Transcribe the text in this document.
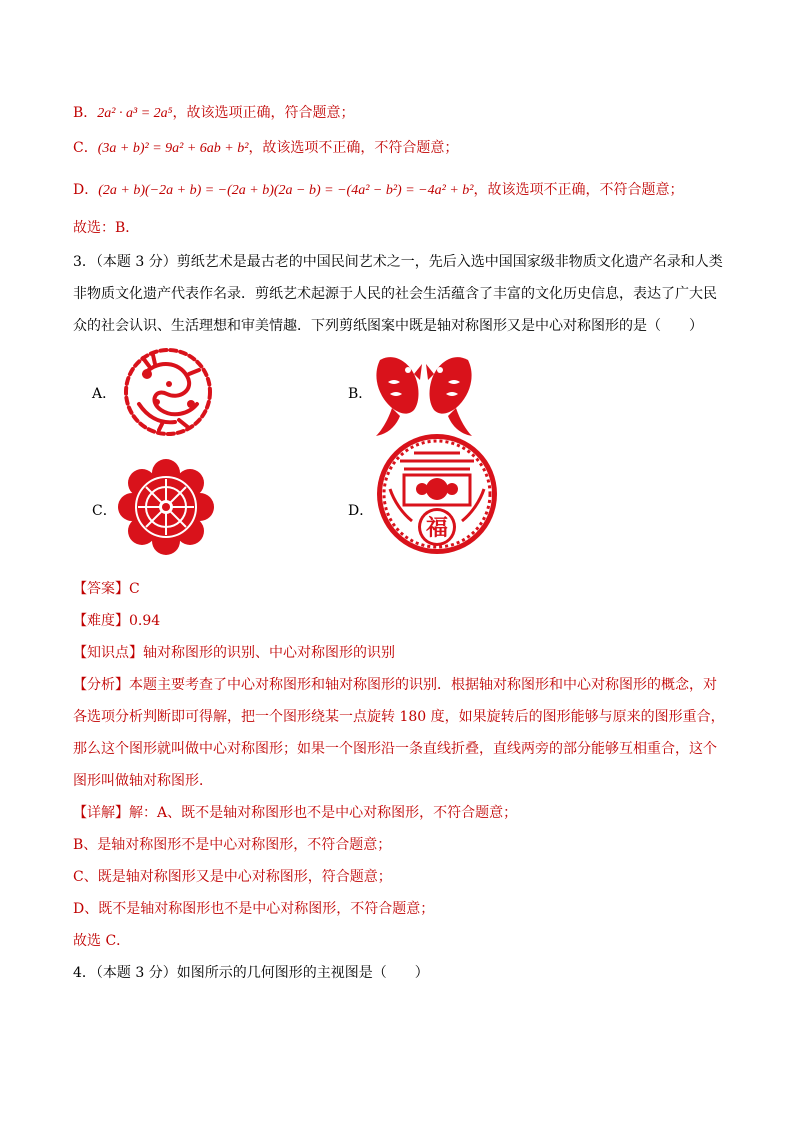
B．2a² · a³ = 2a⁵，故该选项正确，符合题意；
C．(3a + b)² = 9a² + 6ab + b²，故该选项不正确，不符合题意；
D．(2a + b)(−2a + b) = −(2a + b)(2a − b) = −(4a² − b²) = −4a² + b²，故该选项不正确，不符合题意；
故选：B．
3．（本题 3 分）剪纸艺术是最古老的中国民间艺术之一，先后入选中国国家级非物质文化遗产名录和人类
非物质文化遗产代表作名录．剪纸艺术起源于人民的社会生活蕴含了丰富的文化历史信息，表达了广大民
众的社会认识、生活理想和审美情趣．下列剪纸图案中既是轴对称图形又是中心对称图形的是（　　）
A．	B．
C．	D．
福
【答案】C
【难度】0.94
【知识点】轴对称图形的识别、中心对称图形的识别
【分析】本题主要考查了中心对称图形和轴对称图形的识别．根据轴对称图形和中心对称图形的概念，对
各选项分析判断即可得解，把一个图形绕某一点旋转 180 度，如果旋转后的图形能够与原来的图形重合，
那么这个图形就叫做中心对称图形；如果一个图形沿一条直线折叠，直线两旁的部分能够互相重合，这个
图形叫做轴对称图形．
【详解】解：A、既不是轴对称图形也不是中心对称图形，不符合题意；
B、是轴对称图形不是中心对称图形，不符合题意；
C、既是轴对称图形又是中心对称图形，符合题意；
D、既不是轴对称图形也不是中心对称图形，不符合题意；
故选 C．
4．（本题 3 分）如图所示的几何图形的主视图是（　　）
